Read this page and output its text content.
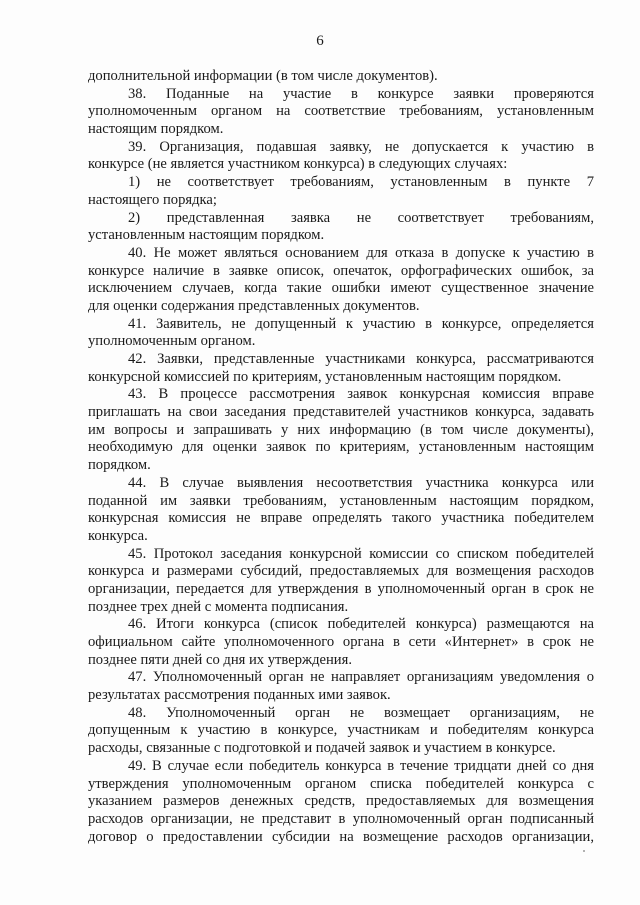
6
дополнительной информации (в том числе документов).
38. Поданные на участие в конкурсе заявки проверяются
уполномоченным органом на соответствие требованиям, установленным
настоящим порядком.
39. Организация, подавшая заявку, не допускается к участию в
конкурсе (не является участником конкурса) в следующих случаях:
1) не соответствует требованиям, установленным в пункте 7
настоящего порядка;
2) представленная заявка не соответствует требованиям,
установленным настоящим порядком.
40. Не может являться основанием для отказа в допуске к участию в
конкурсе наличие в заявке описок, опечаток, орфографических ошибок, за
исключением случаев, когда такие ошибки имеют существенное значение
для оценки содержания представленных документов.
41. Заявитель, не допущенный к участию в конкурсе, определяется
уполномоченным органом.
42. Заявки, представленные участниками конкурса, рассматриваются
конкурсной комиссией по критериям, установленным настоящим порядком.
43. В процессе рассмотрения заявок конкурсная комиссия вправе
приглашать на свои заседания представителей участников конкурса, задавать
им вопросы и запрашивать у них информацию (в том числе документы),
необходимую для оценки заявок по критериям, установленным настоящим
порядком.
44. В случае выявления несоответствия участника конкурса или
поданной им заявки требованиям, установленным настоящим порядком,
конкурсная комиссия не вправе определять такого участника победителем
конкурса.
45. Протокол заседания конкурсной комиссии со списком победителей
конкурса и размерами субсидий, предоставляемых для возмещения расходов
организации, передается для утверждения в уполномоченный орган в срок не
позднее трех дней с момента подписания.
46. Итоги конкурса (список победителей конкурса) размещаются на
официальном сайте уполномоченного органа в сети «Интернет» в срок не
позднее пяти дней со дня их утверждения.
47. Уполномоченный орган не направляет организациям уведомления о
результатах рассмотрения поданных ими заявок.
48. Уполномоченный орган не возмещает организациям, не
допущенным к участию в конкурсе, участникам и победителям конкурса
расходы, связанные с подготовкой и подачей заявок и участием в конкурсе.
49. В случае если победитель конкурса в течение тридцати дней со дня
утверждения уполномоченным органом списка победителей конкурса с
указанием размеров денежных средств, предоставляемых для возмещения
расходов организации, не представит в уполномоченный орган подписанный
договор о предоставлении субсидии на возмещение расходов организации,
